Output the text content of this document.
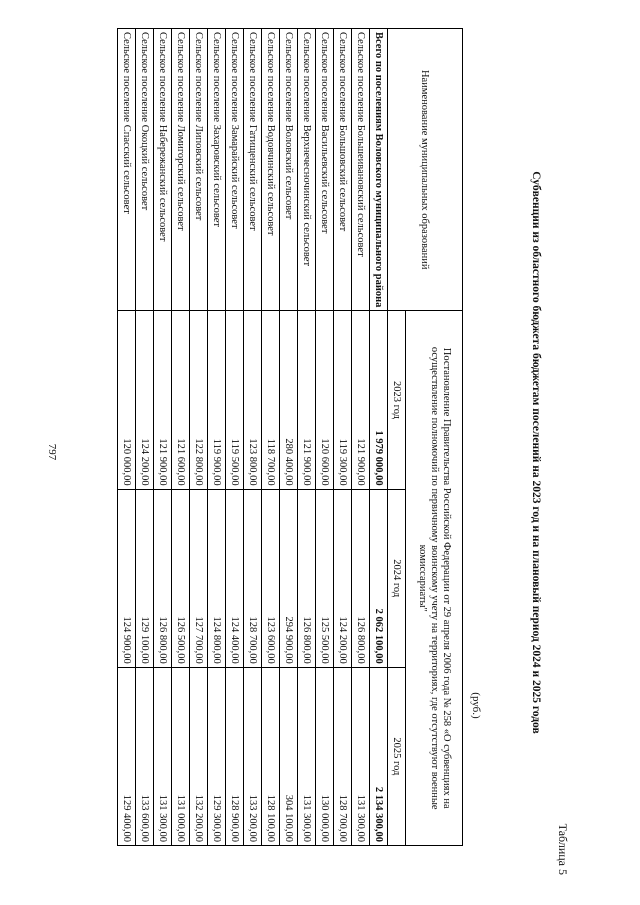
797
Таблица 5
Субвенции из областного бюджета бюджетам поселений на 2023 год и на плановый период 2024 и 2025 годов
(руб.)
Наименование муниципальных образований	Постановление Правительства Российской Федерации от 29 апреля 2006 года № 258 «О субвенциях на осуществление полномочий по первичному воинскому учету на территориях, где отсутствуют военные комиссариаты"		
	2023 год	2024 год	2025 год
Всего по поселениям Воловского муниципального района	1 979 000,00	2 062 100,00	2 134 300,00
Сельское поселение Большеивановский сельсовет	121 900,00	126 800,00	131 300,00
Сельское поселение Большовский сельсовет	119 300,00	124 200,00	128 700,00
Сельское поселение Васильевский сельсовет	120 600,00	125 500,00	130 000,00
Сельское поселение Верхнечесночинский сельсовет	121 900,00	126 800,00	131 300,00
Сельское поселение Воловский сельсовет	280 400,00	294 900,00	304 100,00
Сельское поселение Водовчинский сельсовет	118 700,00	123 600,00	128 100,00
Сельское поселение Гатищенский сельсовет	123 800,00	128 700,00	133 200,00
Сельское поселение Замарайский сельсовет	119 500,00	124 400,00	128 900,00
Сельское поселение Захаровский сельсовет	119 900,00	124 800,00	129 300,00
Сельское поселение Липовский сельсовет	122 800,00	127 700,00	132 200,00
Сельское поселение Ломигорский сельсовет	121 600,00	126 500,00	131 000,00
Сельское поселение Набережанский сельсовет	121 900,00	126 800,00	131 300,00
Сельское поселение Окоцкий сельсовет	124 200,00	129 100,00	133 600,00
Сельское поселение Спасский сельсовет	120 000,00	124 900,00	129 400,00
